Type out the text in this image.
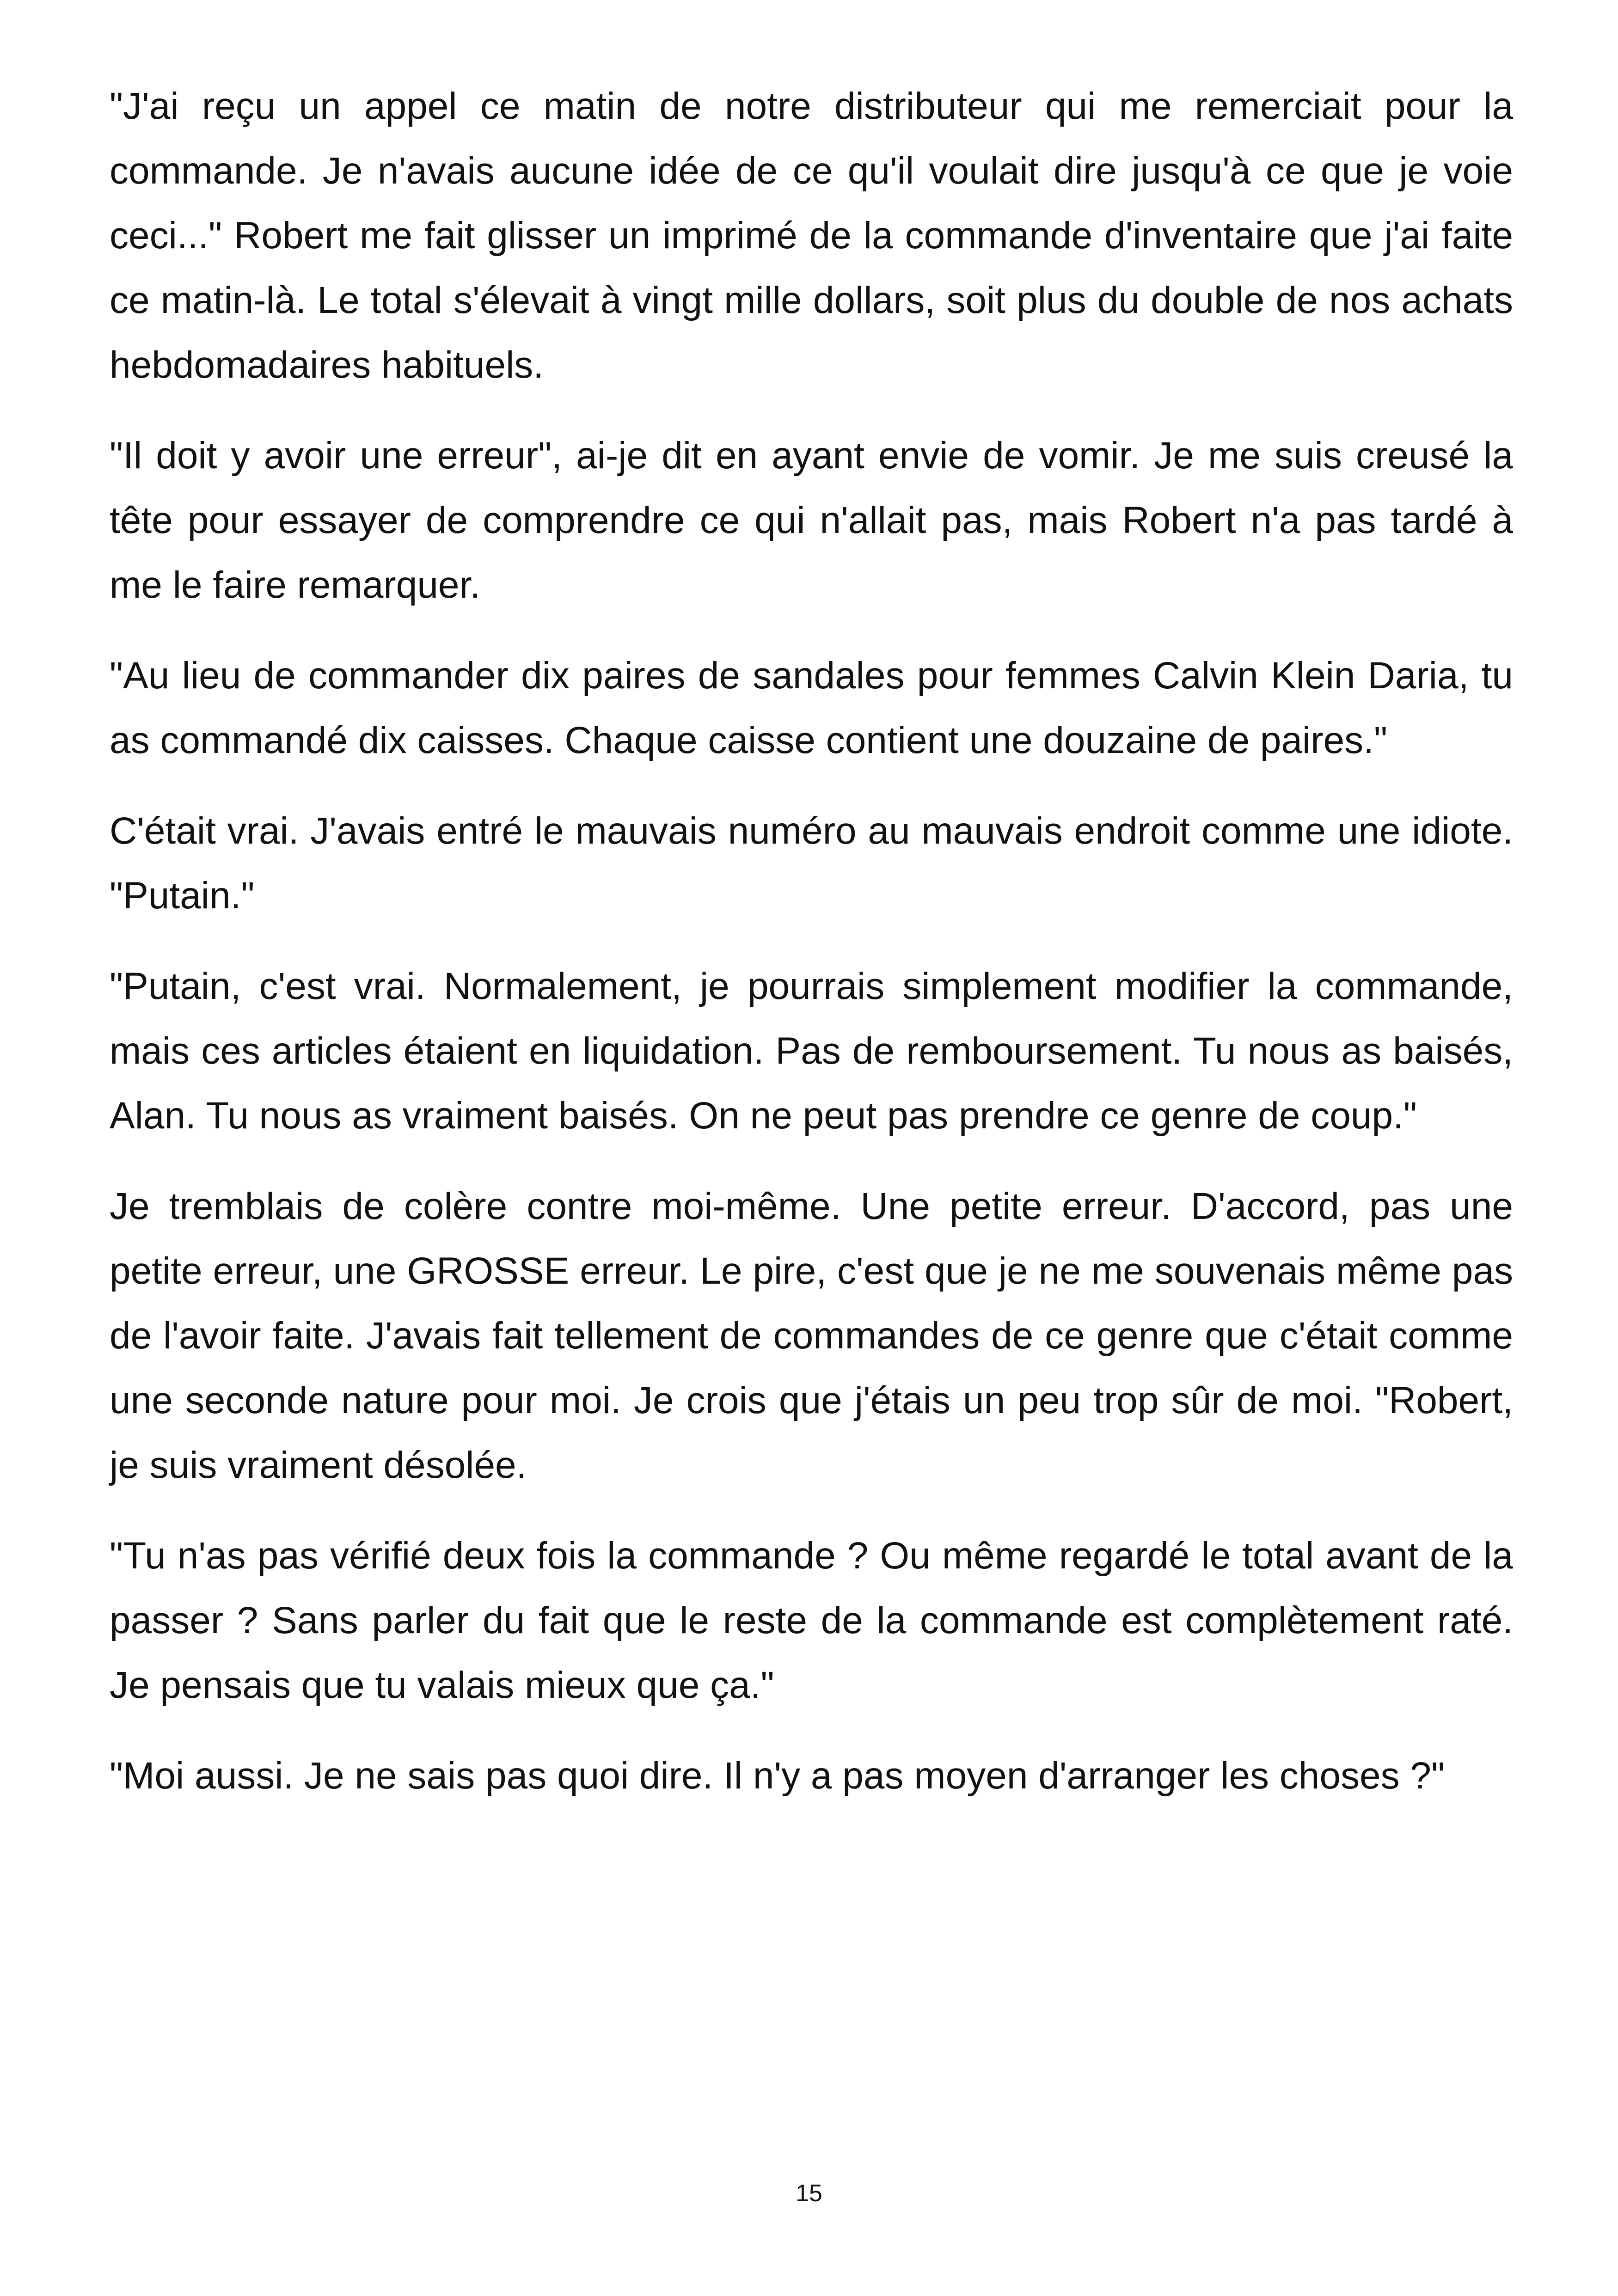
"J'ai reçu un appel ce matin de notre distributeur qui me remerciait pour la commande. Je n'avais aucune idée de ce qu'il voulait dire jusqu'à ce que je voie ceci..." Robert me fait glisser un imprimé de la commande d'inventaire que j'ai faite ce matin-là. Le total s'élevait à vingt mille dollars, soit plus du double de nos achats hebdomadaires habituels.

"Il doit y avoir une erreur", ai-je dit en ayant envie de vomir. Je me suis creusé la tête pour essayer de comprendre ce qui n'allait pas, mais Robert n'a pas tardé à me le faire remarquer.

"Au lieu de commander dix paires de sandales pour femmes Calvin Klein Daria, tu as commandé dix caisses. Chaque caisse contient une douzaine de paires."

C'était vrai. J'avais entré le mauvais numéro au mauvais endroit comme une idiote. "Putain."

"Putain, c'est vrai. Normalement, je pourrais simplement modifier la commande, mais ces articles étaient en liquidation. Pas de remboursement. Tu nous as baisés, Alan. Tu nous as vraiment baisés. On ne peut pas prendre ce genre de coup."

Je tremblais de colère contre moi-même. Une petite erreur. D'accord, pas une petite erreur, une GROSSE erreur. Le pire, c'est que je ne me souvenais même pas de l'avoir faite. J'avais fait tellement de commandes de ce genre que c'était comme une seconde nature pour moi. Je crois que j'étais un peu trop sûr de moi. "Robert, je suis vraiment désolée.

"Tu n'as pas vérifié deux fois la commande ? Ou même regardé le total avant de la passer ? Sans parler du fait que le reste de la commande est complètement raté. Je pensais que tu valais mieux que ça."

"Moi aussi. Je ne sais pas quoi dire. Il n'y a pas moyen d'arranger les choses ?"

15
